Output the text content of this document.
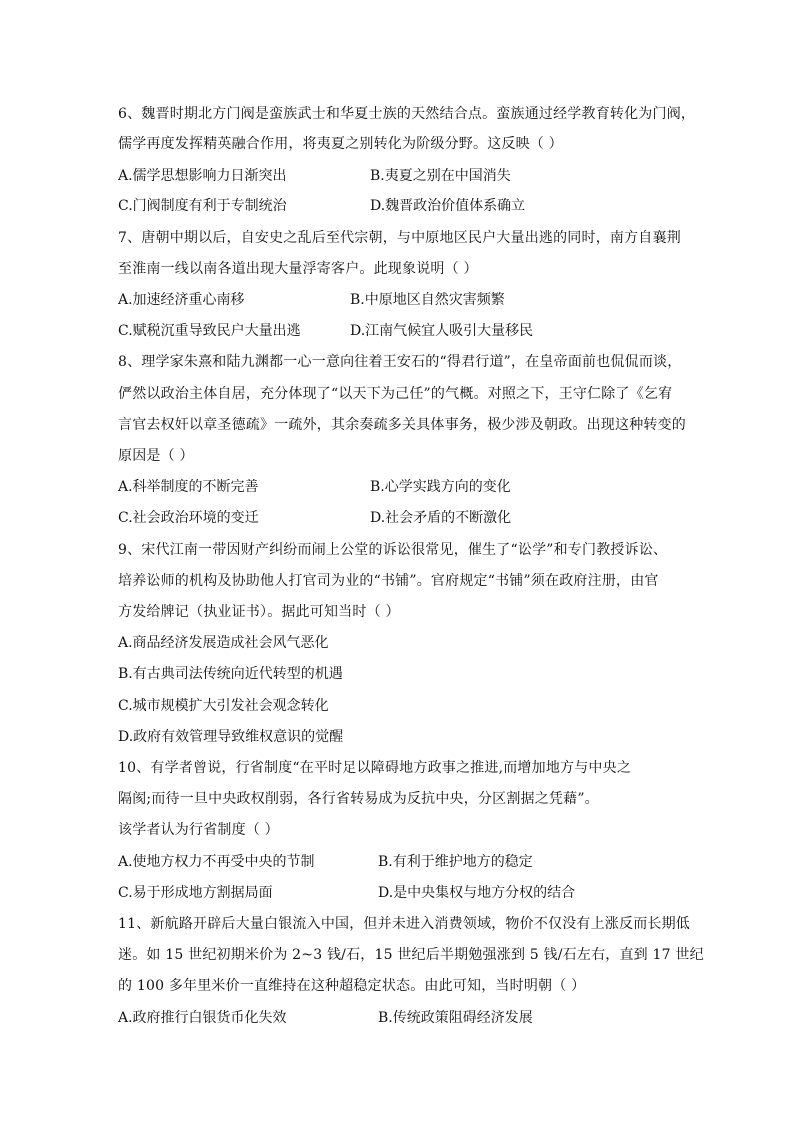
6、魏晋时期北方门阀是蛮族武士和华夏士族的天然结合点。蛮族通过经学教育转化为门阀，
儒学再度发挥精英融合作用，将夷夏之别转化为阶级分野。这反映（ ）
A.儒学思想影响力日渐突出	B.夷夏之别在中国消失
C.门阀制度有利于专制统治	D.魏晋政治价值体系确立
7、唐朝中期以后，自安史之乱后至代宗朝，与中原地区民户大量出逃的同时，南方自襄荆
至淮南一线以南各道出现大量浮寄客户。此现象说明（ ）
A.加速经济重心南移	B.中原地区自然灾害频繁
C.赋税沉重导致民户大量出逃	D.江南气候宜人吸引大量移民
8、理学家朱熹和陆九渊都一心一意向往着王安石的“得君行道”，在皇帝面前也侃侃而谈，
俨然以政治主体自居，充分体现了“以天下为己任”的气概。对照之下，王守仁除了《乞宥
言官去权奸以章圣德疏》一疏外，其余奏疏多关具体事务，极少涉及朝政。出现这种转变的
原因是（ ）
A.科举制度的不断完善	B.心学实践方向的变化
C.社会政治环境的变迁	D.社会矛盾的不断激化
9、宋代江南一带因财产纠纷而闹上公堂的诉讼很常见，催生了“讼学”和专门教授诉讼、
培养讼师的机构及协助他人打官司为业的“书铺”。官府规定“书铺”须在政府注册，由官
方发给牌记（执业证书）。据此可知当时（ ）
A.商品经济发展造成社会风气恶化
B.有古典司法传统向近代转型的机遇
C.城市规模扩大引发社会观念转化
D.政府有效管理导致维权意识的觉醒
10、有学者曾说，行省制度“在平时足以障碍地方政事之推进,而增加地方与中央之
隔阂;而待一旦中央政权削弱，各行省转易成为反抗中央，分区割据之凭藉”。
该学者认为行省制度（ ）
A.使地方权力不再受中央的节制	B.有利于维护地方的稳定
C.易于形成地方割据局面	D.是中央集权与地方分权的结合
11、新航路开辟后大量白银流入中国，但并未进入消费领域，物价不仅没有上涨反而长期低
迷。如 15 世纪初期米价为 2~3 钱/石，15 世纪后半期勉强涨到 5 钱/石左右，直到 17 世纪
的 100 多年里米价一直维持在这种超稳定状态。由此可知，当时明朝（ ）
A.政府推行白银货币化失效	B.传统政策阻碍经济发展
